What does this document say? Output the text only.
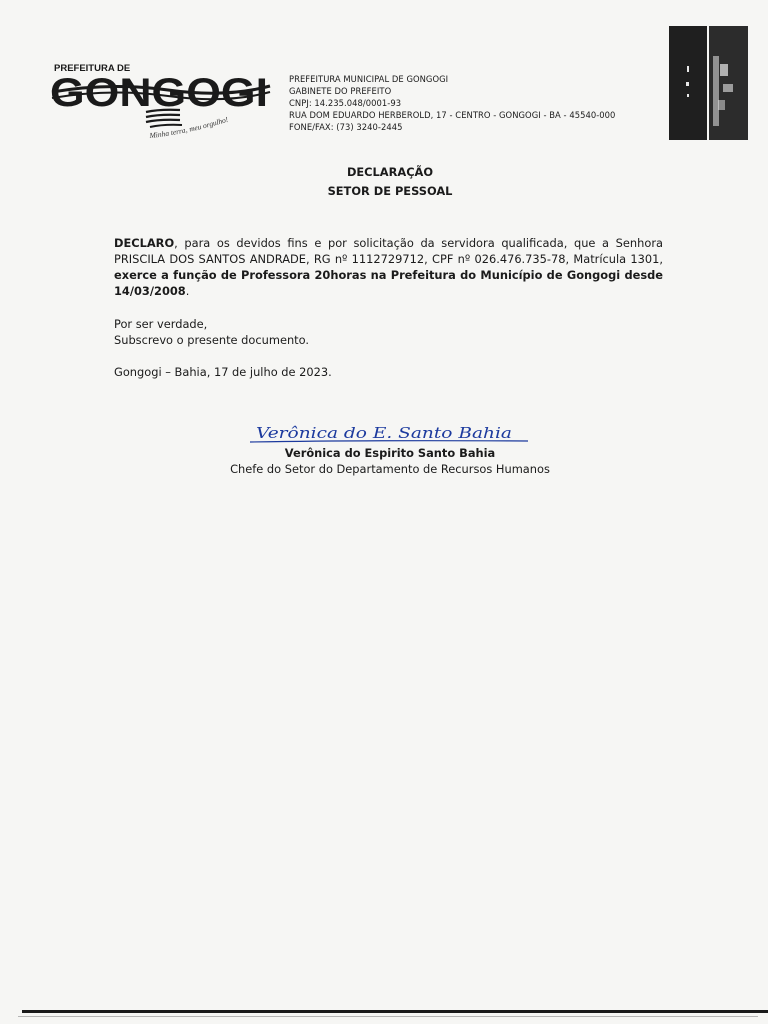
PREFEITURA DE
GONGOGI
Minha terra, meu orgulho!
PREFEITURA MUNICIPAL DE GONGOGI
GABINETE DO PREFEITO
CNPJ: 14.235.048/0001-93
RUA DOM EDUARDO HERBEROLD, 17 - CENTRO - GONGOGI - BA - 45540-000
FONE/FAX: (73) 3240-2445
DECLARAÇÃO
SETOR DE PESSOAL
DECLARO, para os devidos fins e por solicitação da servidora qualificada, que a Senhora PRISCILA DOS SANTOS ANDRADE, RG nº 1112729712, CPF nº 026.476.735-78, Matrícula 1301, exerce a função de Professora 20horas na Prefeitura do Município de Gongogi desde 14/03/2008.
Por ser verdade,
Subscrevo o presente documento.
Gongogi – Bahia, 17 de julho de 2023.
Verônica do E. Santo Bahia
Verônica do Espirito Santo Bahia
Chefe do Setor do Departamento de Recursos Humanos
